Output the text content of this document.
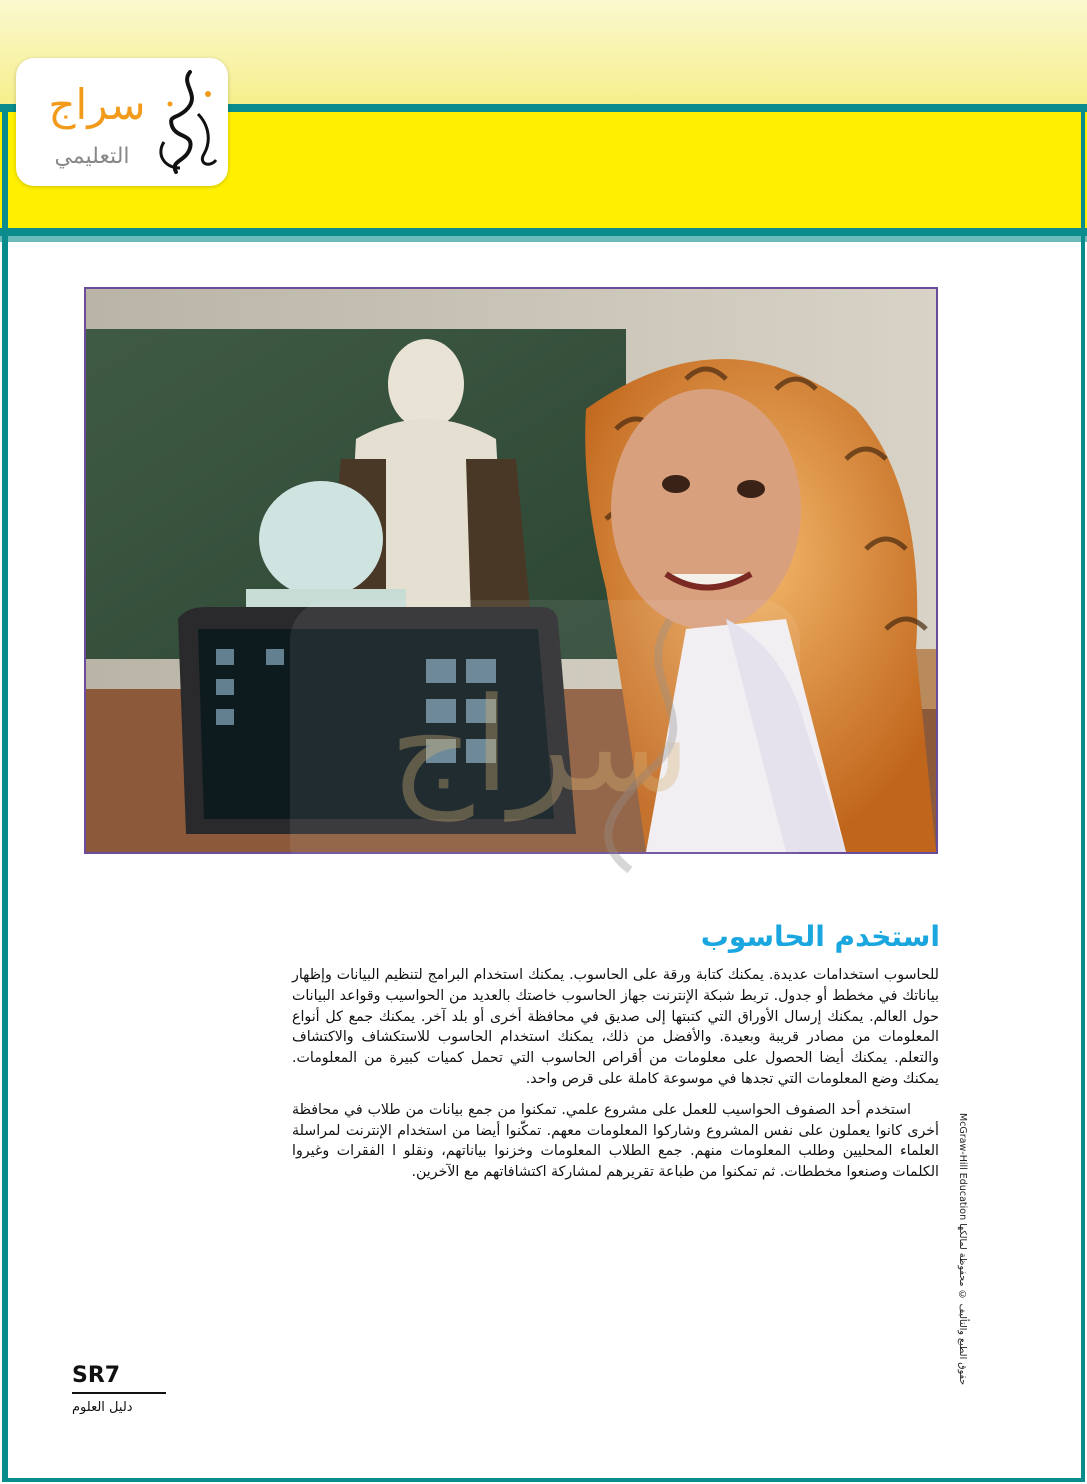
سراج
التعليمي
سراج
استخدم الحاسوب

للحاسوب استخدامات عديدة. يمكنك كتابة ورقة على الحاسوب. يمكنك استخدام البرامج لتنظيم البيانات وإظهار بياناتك في مخطط أو جدول. تربط شبكة الإنترنت جهاز الحاسوب خاصتك بالعديد من الحواسيب وقواعد البيانات حول العالم. يمكنك إرسال الأوراق التي كتبتها إلى صديق في محافظة أخرى أو بلد آخر. يمكنك جمع كل أنواع المعلومات من مصادر قريبة وبعيدة. والأفضل من ذلك، يمكنك استخدام الحاسوب للاستكشاف والاكتشاف والتعلم. يمكنك أيضا الحصول على معلومات من أقراص الحاسوب التي تحمل كميات كبيرة من المعلومات. يمكنك وضع المعلومات التي تجدها في موسوعة كاملة على قرص واحد.

استخدم أحد الصفوف الحواسيب للعمل على مشروع علمي. تمكنوا من جمع بيانات من طلاب في محافظة أخرى كانوا يعملون على نفس المشروع وشاركوا المعلومات معهم. تمكّنوا أيضا من استخدام الإنترنت لمراسلة العلماء المحليين وطلب المعلومات منهم. جمع الطلاب المعلومات وخزنوا بياناتهم، ونقلو ا الفقرات وغيروا الكلمات وصنعوا مخططات. ثم تمكنوا من طباعة تقريرهم لمشاركة اكتشافاتهم مع الآخرين.	حقوق الطبع والتأليف © محفوظة لمالكها McGraw-Hill Education
SR7
دليل العلوم
